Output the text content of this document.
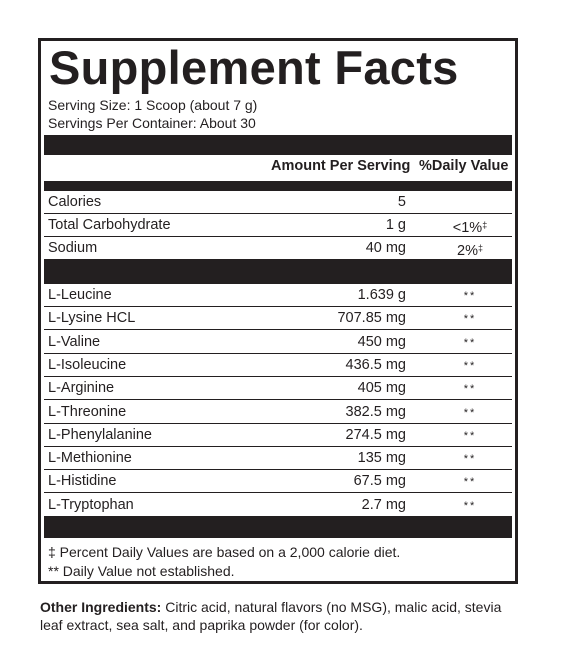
Supplement Facts
Serving Size: 1 Scoop (about 7 g)
Servings Per Container: About 30
Amount Per Serving %Daily Value
Calories	5
Total Carbohydrate	1 g	<1%‡
Sodium	40 mg	2%‡
L-Leucine	1.639 g	**
L-Lysine HCL	707.85 mg	**
L-Valine	450 mg	**
L-Isoleucine	436.5 mg	**
L-Arginine	405 mg	**
L-Threonine	382.5 mg	**
L-Phenylalanine	274.5 mg	**
L-Methionine	135 mg	**
L-Histidine	67.5 mg	**
L-Tryptophan	2.7 mg	**
‡ Percent Daily Values are based on a 2,000 calorie diet.
** Daily Value not established.
Other Ingredients: Citric acid, natural flavors (no MSG), malic acid, stevia leaf extract, sea salt, and paprika powder (for color).
